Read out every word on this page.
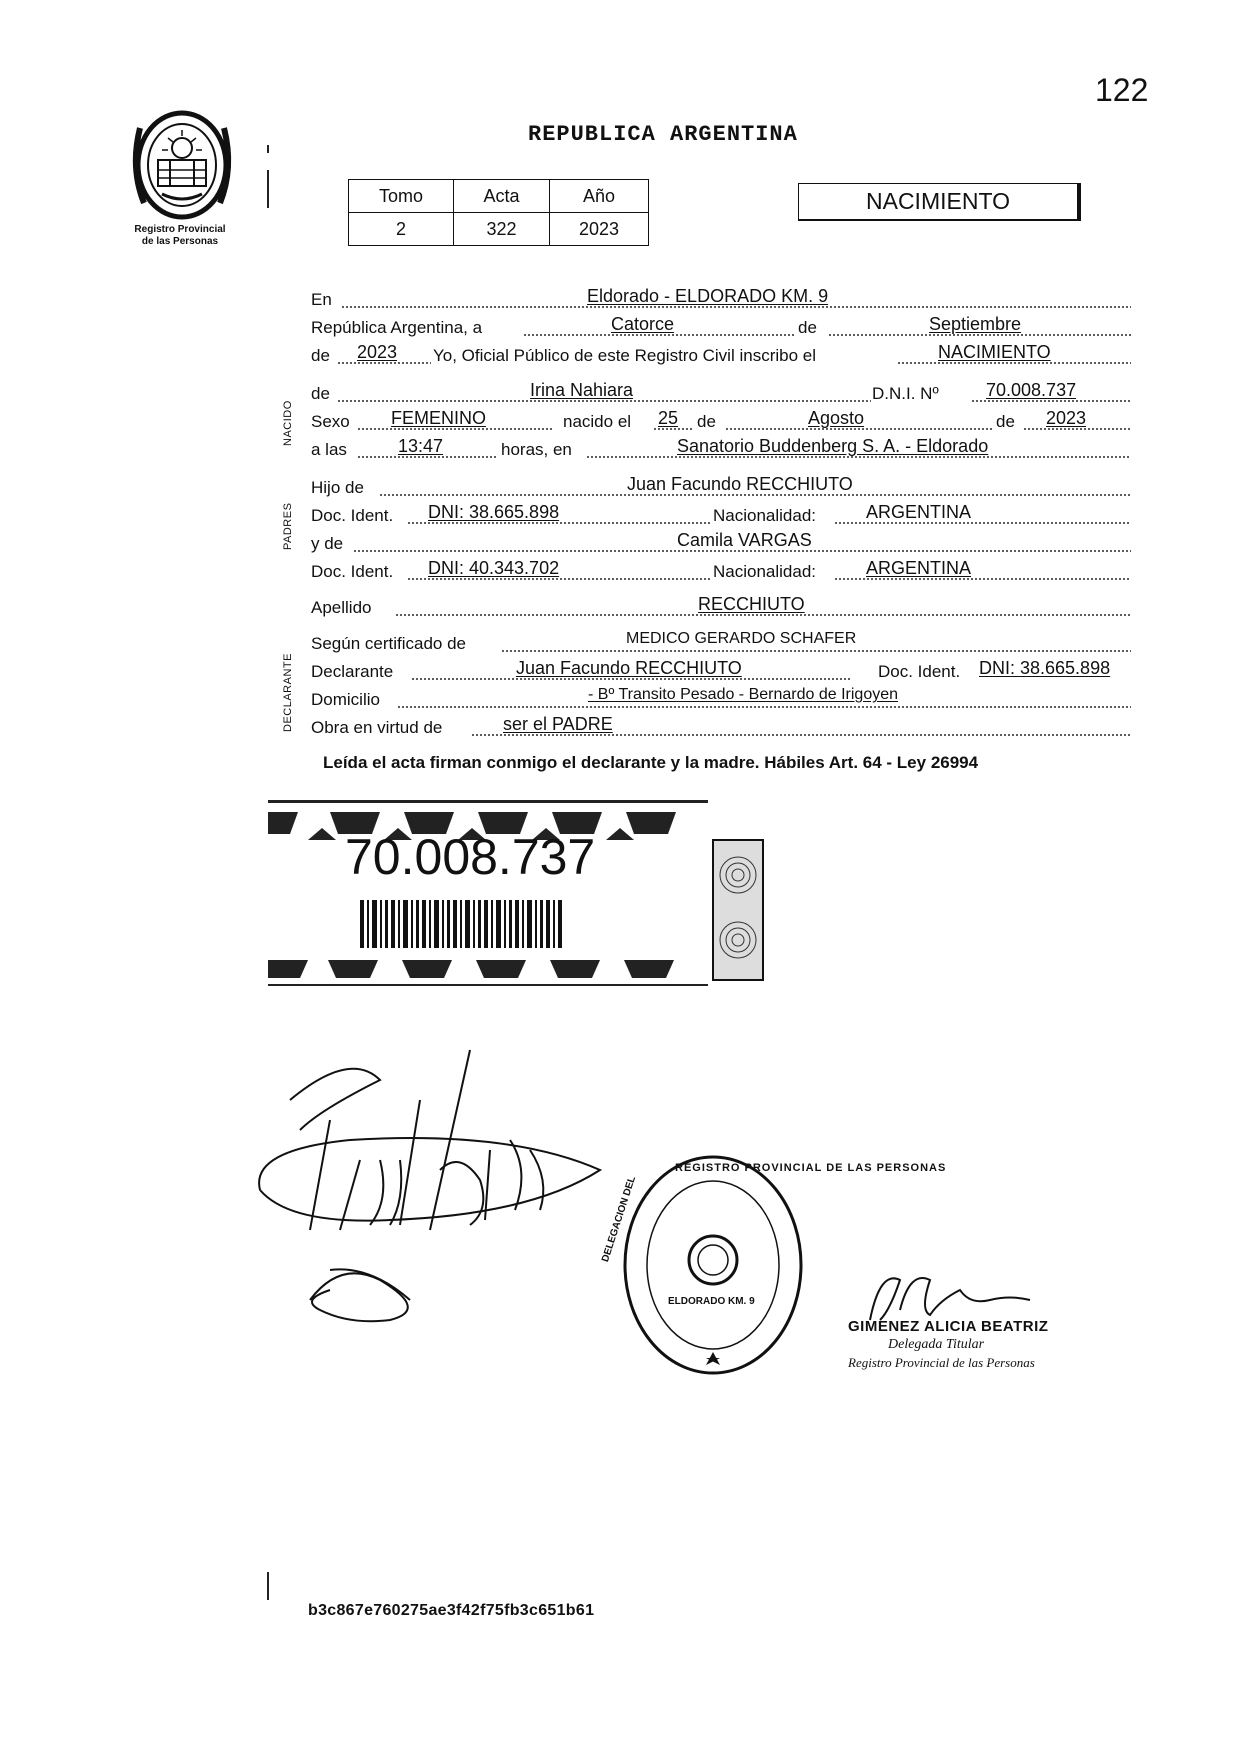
122
Registro Provincial
de las Personas
REPUBLICA ARGENTINA
Tomo	Acta	Año
2	322	2023
NACIMIENTO
NACIDO
PADRES
DECLARANTE
En	Eldorado - ELDORADO KM. 9
República Argentina, a	Catorce	de	Septiembre
de 2023 Yo, Oficial Público de este Registro Civil inscribo el	NACIMIENTO
de	Irina Nahiara	D.N.I. Nº	70.008.737
Sexo FEMENINO	nacido el 25 de	Agosto	de 2023
a las	13:47	horas, en	Sanatorio Buddenberg S. A. - Eldorado
Hijo de	Juan Facundo RECCHIUTO
Doc. Ident. DNI: 38.665.898	Nacionalidad:	ARGENTINA
y de	Camila VARGAS
Doc. Ident. DNI: 40.343.702	Nacionalidad:	ARGENTINA
Apellido	RECCHIUTO
Según certificado de	MEDICO GERARDO SCHAFER
Declarante	Juan Facundo RECCHIUTO	Doc. Ident. DNI: 38.665.898
Domicilio	- Bº Transito Pesado - Bernardo de Irigoyen
Obra en virtud de	ser el PADRE
Leída el acta firman conmigo el declarante y la madre. Hábiles Art. 64 - Ley 26994
70.008.737
REGISTRO PROVINCIAL DE LAS PERSONAS
DELEGACION DEL
ELDORADO KM. 9
GIMENEZ ALICIA BEATRIZ
Delegada Titular
Registro Provincial de las Personas
b3c867e760275ae3f42f75fb3c651b61
